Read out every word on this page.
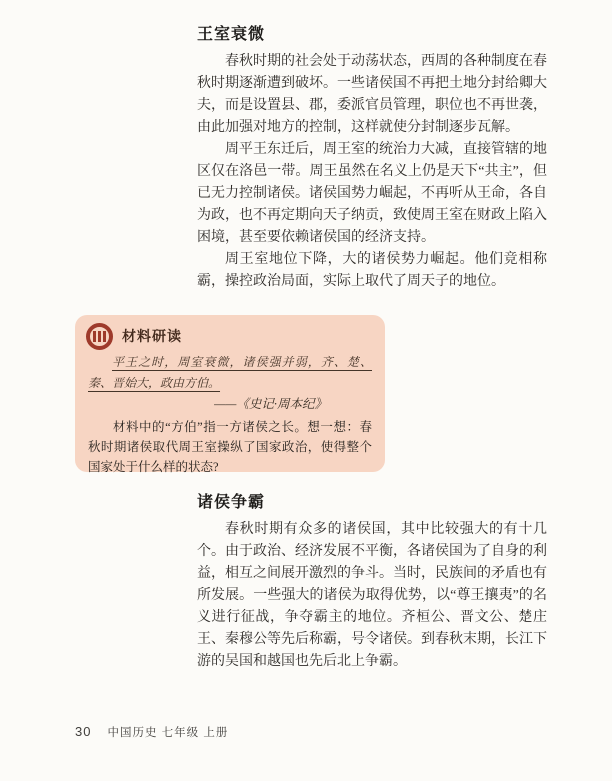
王室衰微

春秋时期的社会处于动荡状态，西周的各种制度在春秋时期逐渐遭到破坏。一些诸侯国不再把土地分封给卿大夫，而是设置县、郡，委派官员管理，职位也不再世袭，由此加强对地方的控制，这样就使分封制逐步瓦解。

周平王东迁后，周王室的统治力大减，直接管辖的地区仅在洛邑一带。周王虽然在名义上仍是天下“共主”，但已无力控制诸侯。诸侯国势力崛起，不再听从王命，各自为政，也不再定期向天子纳贡，致使周王室在财政上陷入困境，甚至要依赖诸侯国的经济支持。

周王室地位下降，大的诸侯势力崛起。他们竞相称霸，操控政治局面，实际上取代了周天子的地位。

材料研读

平王之时，周室衰微，诸侯强并弱，齐、楚、秦、晋始大，政由方伯。

——《史记·周本纪》

材料中的“方伯”指一方诸侯之长。想一想：春秋时期诸侯取代周王室操纵了国家政治，使得整个国家处于什么样的状态?

诸侯争霸

春秋时期有众多的诸侯国，其中比较强大的有十几个。由于政治、经济发展不平衡，各诸侯国为了自身的利益，相互之间展开激烈的争斗。当时，民族间的矛盾也有所发展。一些强大的诸侯为取得优势，以“尊王攘夷”的名义进行征战，争夺霸主的地位。齐桓公、晋文公、楚庄王、秦穆公等先后称霸，号令诸侯。到春秋末期，长江下游的吴国和越国也先后北上争霸。

30 中国历史 七年级 上册
